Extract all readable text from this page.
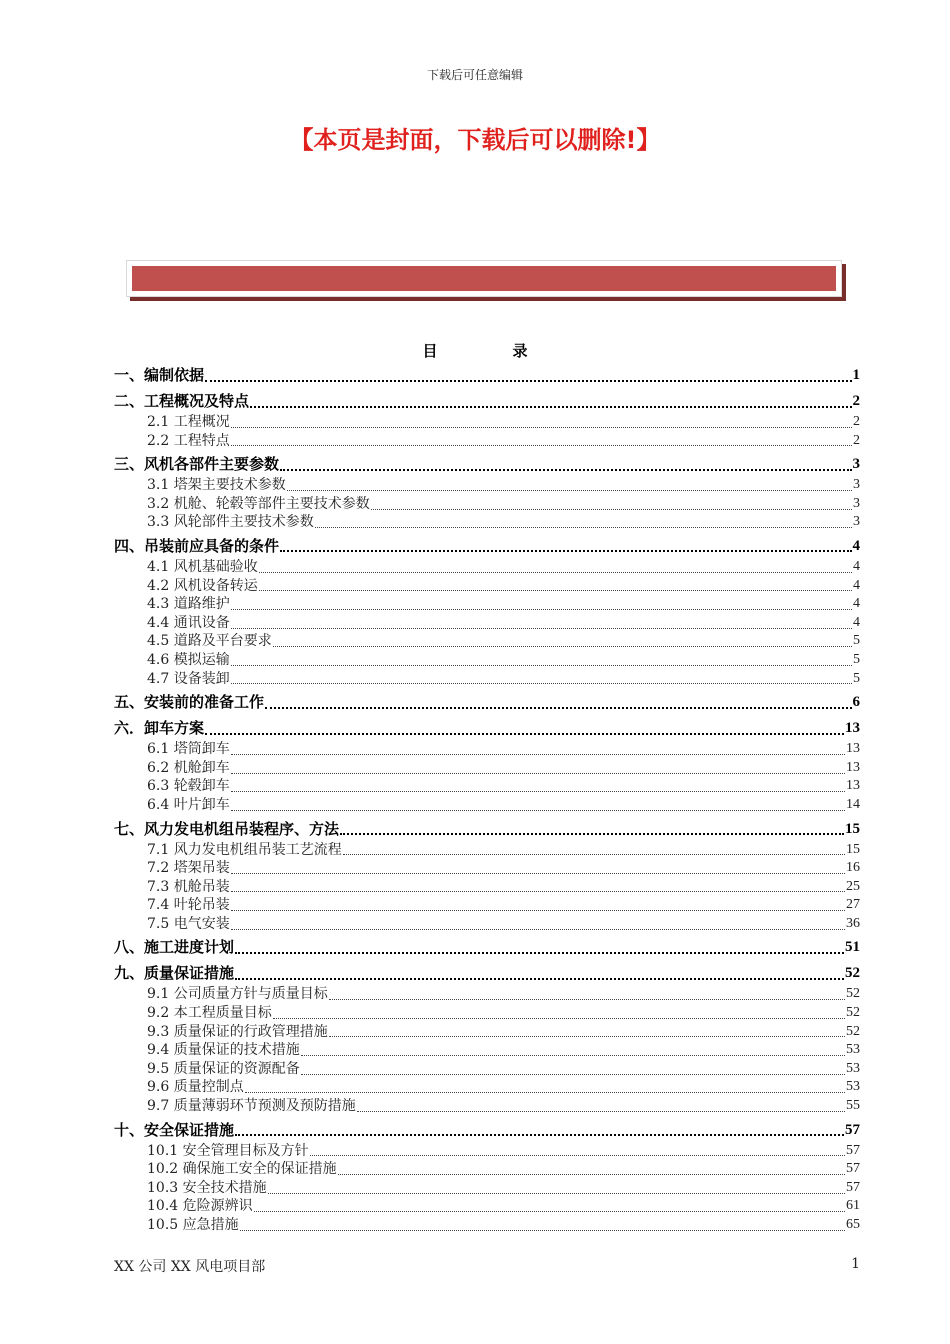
下载后可任意编辑
【本页是封面，下载后可以删除!】
目　录
一、编制依据	1
二、工程概况及特点	2
2.1 工程概况	2
2.2 工程特点	2
三、风机各部件主要参数	3
3.1 塔架主要技术参数	3
3.2 机舱、轮毂等部件主要技术参数	3
3.3 风轮部件主要技术参数	3
四、吊装前应具备的条件	4
4.1 风机基础验收	4
4.2 风机设备转运	4
4.3 道路维护	4
4.4 通讯设备	4
4.5 道路及平台要求	5
4.6 模拟运输	5
4.7 设备装卸	5
五、安装前的准备工作	6
六．卸车方案	13
6.1 塔筒卸车	13
6.2 机舱卸车	13
6.3 轮毂卸车	13
6.4 叶片卸车	14
七、风力发电机组吊装程序、方法	15
7.1 风力发电机组吊装工艺流程	15
7.2 塔架吊装	16
7.3 机舱吊装	25
7.4 叶轮吊装	27
7.5 电气安装	36
八、施工进度计划	51
九、质量保证措施	52
9.1 公司质量方针与质量目标	52
9.2 本工程质量目标	52
9.3 质量保证的行政管理措施	52
9.4 质量保证的技术措施	53
9.5 质量保证的资源配备	53
9.6 质量控制点	53
9.7 质量薄弱环节预测及预防措施	55
十、安全保证措施	57
10.1 安全管理目标及方针	57
10.2 确保施工安全的保证措施	57
10.3 安全技术措施	57
10.4 危险源辨识	61
10.5 应急措施	65
XX 公司 XX 风电项目部	1
